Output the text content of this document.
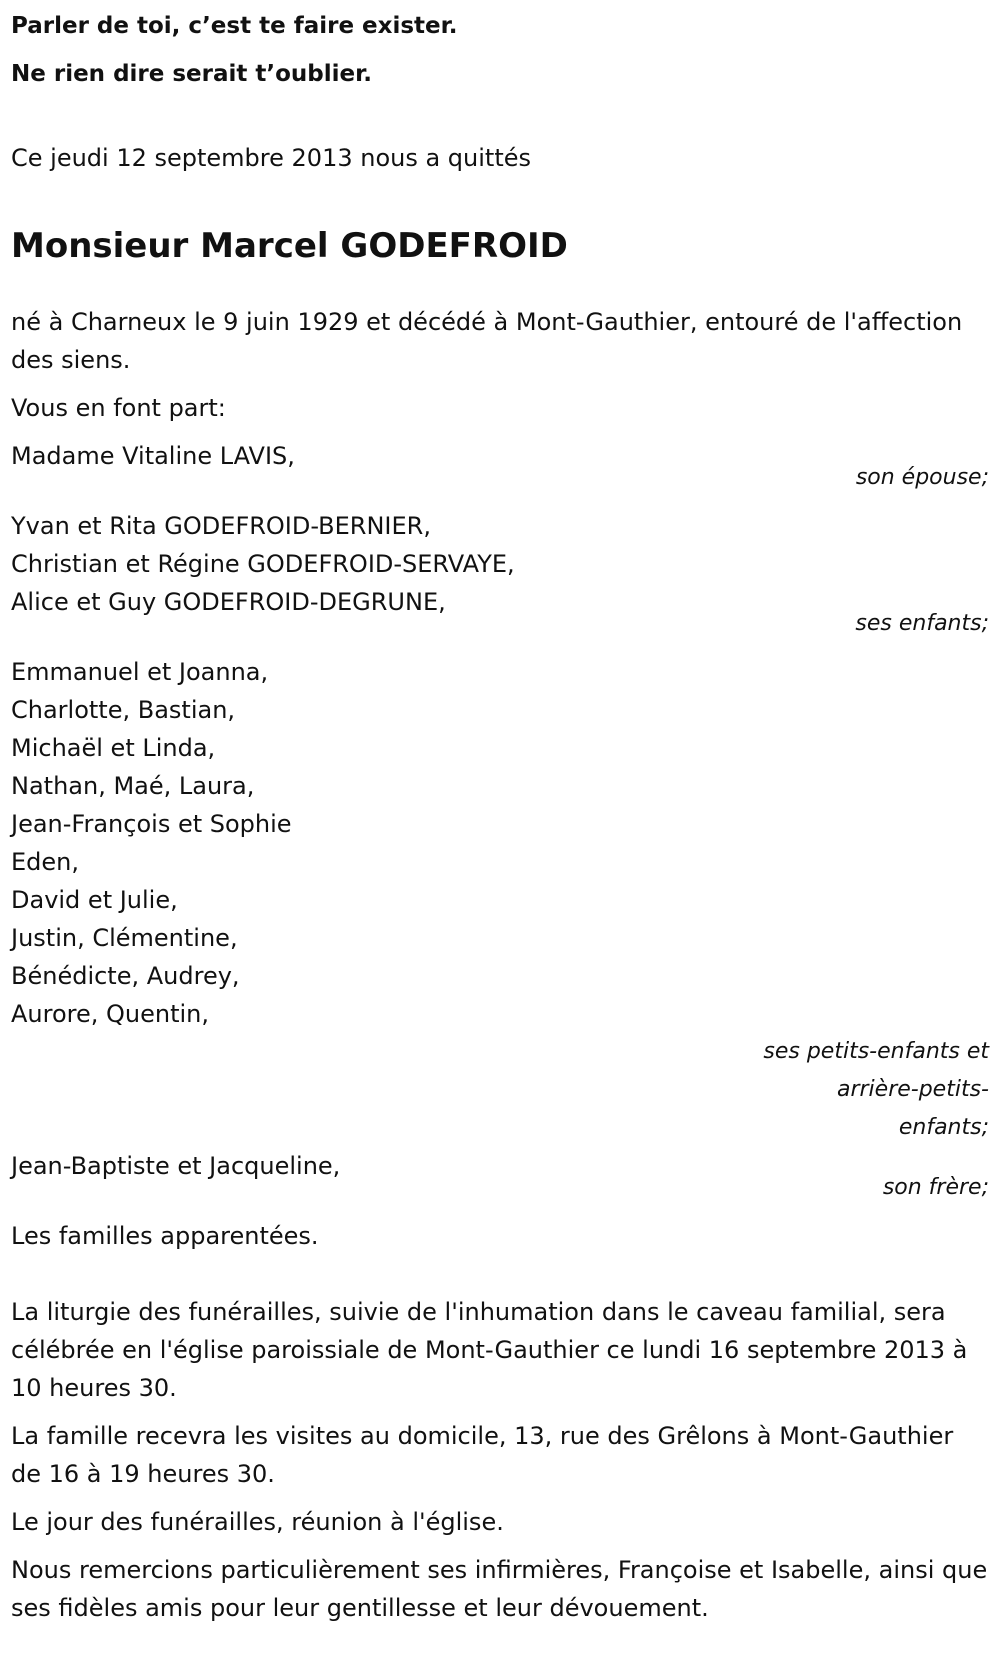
Parler de toi, c’est te faire exister.

Ne rien dire serait t’oublier.

Ce jeudi 12 septembre 2013 nous a quittés

Monsieur Marcel GODEFROID

né à Charneux le 9 juin 1929 et décédé à Mont-Gauthier, entouré de l'affection des siens.

Vous en font part:

Madame Vitaline LAVIS,
son épouse;
Yvan et Rita GODEFROID-BERNIER,
Christian et Régine GODEFROID-SERVAYE,
Alice et Guy GODEFROID-DEGRUNE,
ses enfants;
Emmanuel et Joanna,
Charlotte, Bastian,
Michaël et Linda,
Nathan, Maé, Laura,
Jean-François et Sophie
Eden,
David et Julie,
Justin, Clémentine,
Bénédicte, Audrey,
Aurore, Quentin,
ses petits-enfants et arrière-petits-enfants;
Jean-Baptiste et Jacqueline,
son frère;

Les familles apparentées.

La liturgie des funérailles, suivie de l'inhumation dans le caveau familial, sera célébrée en l'église paroissiale de Mont-Gauthier ce lundi 16 septembre 2013 à 10 heures 30.

La famille recevra les visites au domicile, 13, rue des Grêlons à Mont-Gauthier de 16 à 19 heures 30.

Le jour des funérailles, réunion à l'église.

Nous remercions particulièrement ses infirmières, Françoise et Isabelle, ainsi que ses fidèles amis pour leur gentillesse et leur dévouement.
